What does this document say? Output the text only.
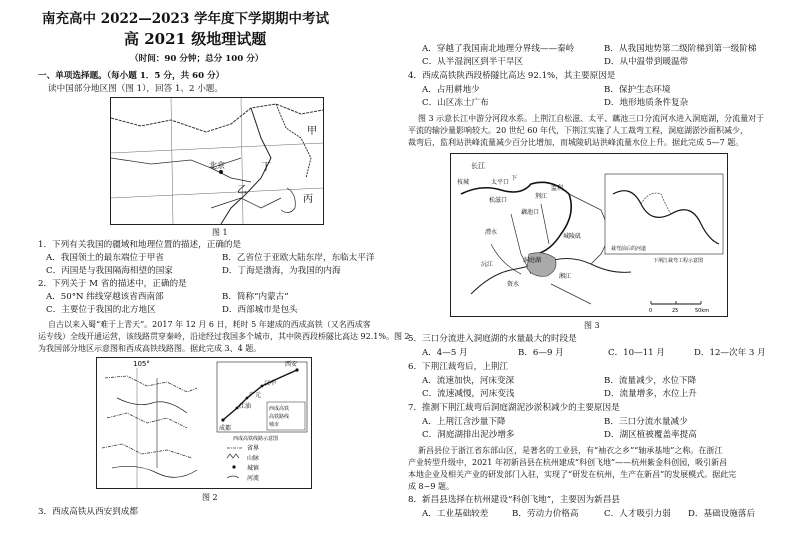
南充高中 2022—2023 学年度下学期期中考试
高 2021 级地理试题
（时间：90 分钟；总分 100 分）
一、单项选择题。（每小题 1．5 分，共 60 分）
读中国部分地区图（图 1），回答 1、2 小题。
甲
乙
丙
丁
北京
图 1
1．下列有关我国的疆域和地理位置的描述，正确的是
A．我国领土的最东端位于甲省	B．乙省位于亚欧大陆东岸，东临太平洋
C．丙国是与我国隔海相望的国家	D．丁海是渤海，为我国的内海
2．下列关于 M 省的描述中，正确的是
A．50°N 纬线穿越该省西南部	B．简称“内蒙古”
C．主要位于我国的北方地区	D．西部城市是包头
自古以来入蜀“难于上青天”。2017 年 12 月 6 日，耗时 5 年建成的西成高铁（又名西成客
运专线）全线开通运营，该线路贯穿秦岭，沿途经过我国多个城市，其中陕西段桥隧比高达 92.1%。图 2
为我国部分地区示意图和西成高铁线路图。据此完成 3、4 题。
105°	西安
成都
汉中
广元
江油	西成高铁
高铁路线
城市
西成高铁线路示意图
省界
山脉
城镇
河流
图 2
3．西成高铁从西安到成都
A．穿越了我国南北地理分界线——秦岭	B．从我国地势第二级阶梯到第一级阶梯
C．从半湿润区到半干旱区	D．从中温带到暖温带
4．西成高铁陕西段桥隧比高达 92.1%，其主要原因是
A．占用耕地少	B．保护生态环境
C．山区冻土广布	D．地形地质条件复杂
图 3 示意长江中游分河段水系。上荆江自松滋、太平、藕池三口分流河水进入洞庭湖，分流量对于
平流的输沙量影响较大。20 世纪 60 年代，下荆江实施了人工裁弯工程，洞庭湖淤沙面积减少，
裁弯后，监利站洪峰流量减少百分比增加，而城陵矶站洪峰流量水位上升。据此完成 5—7 题。
长江
枝城
松滋口
藕池口
太平口
洞庭湖
城陵矶
监利
湘江
资水
沅江
澧水
荆江
下
裁弯前后的河道
下荆江裁弯工程示意图
0	25	50km
图 3
5．三口分流进入洞庭湖的水量最大的时段是
A．4—5 月	B．6—9 月	C．10—11 月	D．12—次年 3 月
6．下荆江裁弯后，上荆江
A．流速加快，河床变深	B．流量减少，水位下降
C．流速减慢，河床变浅	D．流量增多，水位上升
7．推测下荆江裁弯后洞庭湖泥沙淤积减少的主要原因是
A．上荆江含沙量下降	B．三口分流水量减少
C．洞庭湖排出泥沙增多	D．湖区植被覆盖率提高
新昌县位于浙江省东部山区，是著名的工业县，有“袖衣之乡”“轴承基地”之称。在浙江
产业转型升级中，2021 年初新昌县在杭州建成“科创飞地”——杭州紫金科创园，吸引新昌
本地企业及相关产业的研发部门入驻，实现了“研发在杭州，生产在新昌”的发展模式。据此完
成 8~9 题。
8．新昌县选择在杭州建设“科创飞地”，主要因为新昌县
A．工业基础较差	B．劳动力价格高	C．人才吸引力弱 D．基础设施落后
